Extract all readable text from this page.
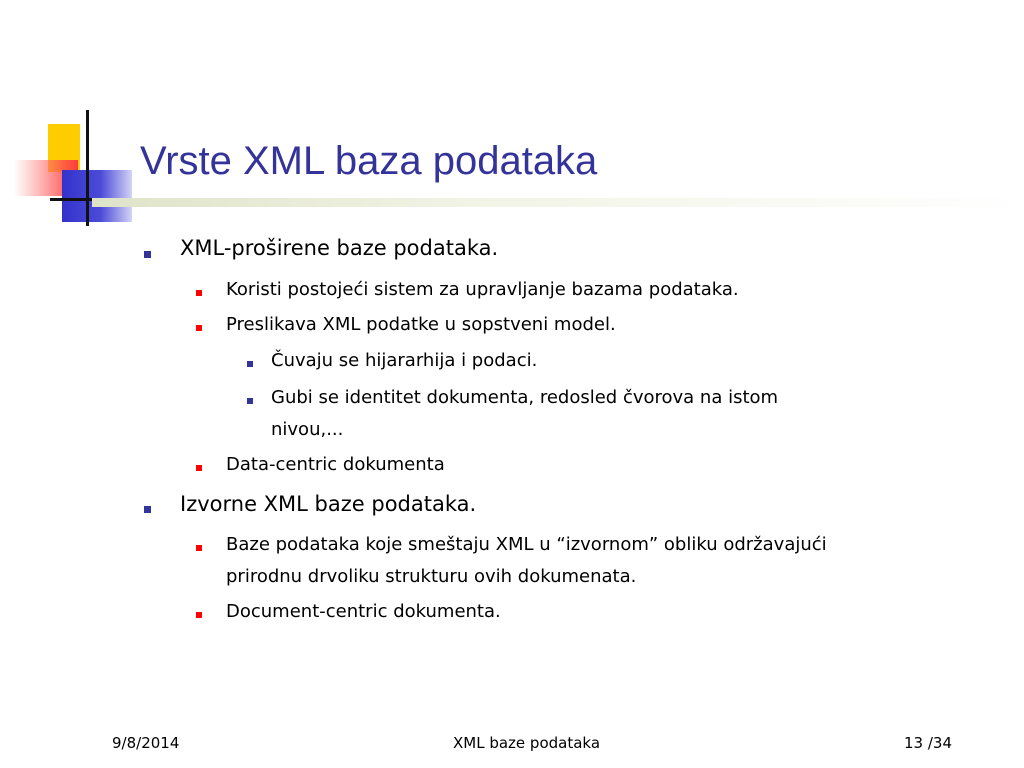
Vrste XML baza podataka

XML-proširene baze podataka.

Koristi postojeći sistem za upravljanje bazama podataka.

Preslikava XML podatke u sopstveni model.

Čuvaju se hijararhija i podaci.

Gubi se identitet dokumenta, redosled čvorova na istom

nivou,...

Data-centric dokumenta

Izvorne XML baze podataka.

Baze podataka koje smeštaju XML u “izvornom” obliku održavajući

prirodnu drvoliku strukturu ovih dokumenata.

Document-centric dokumenta.

9/8/2014	XML baze podataka	13 /34
